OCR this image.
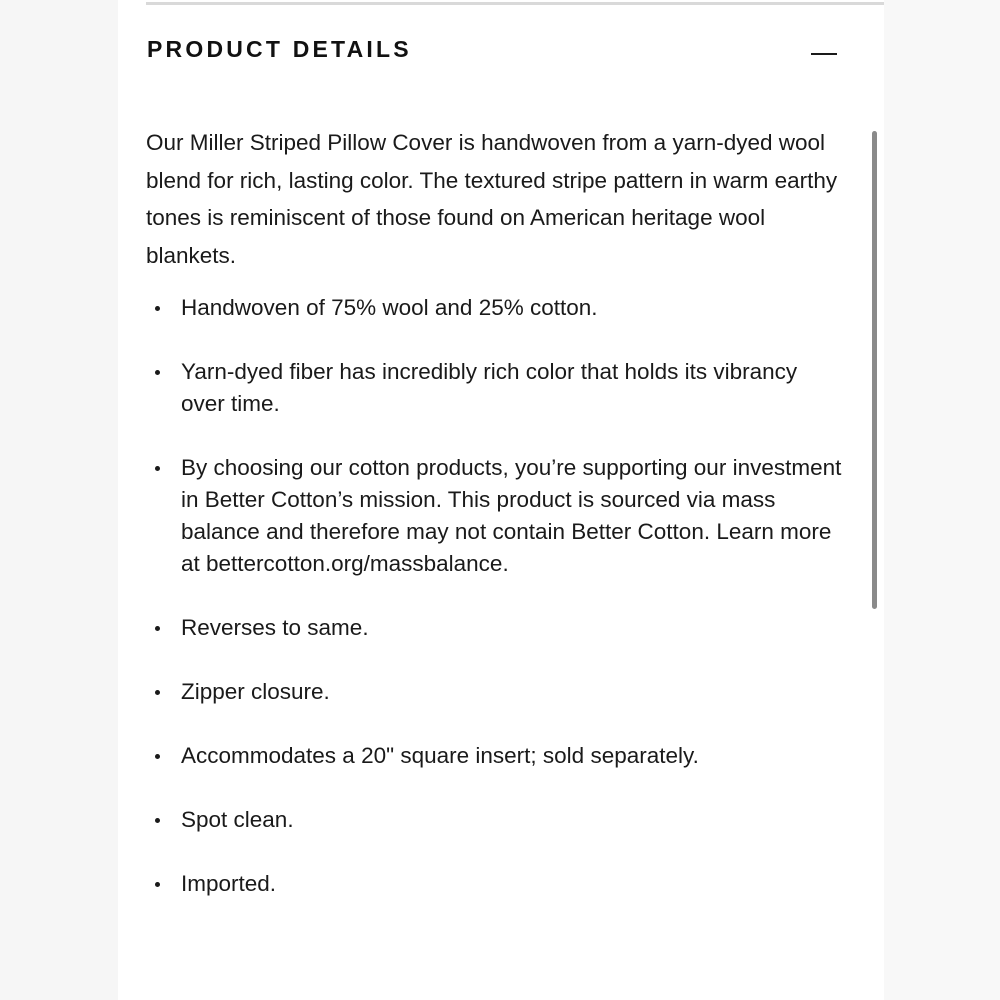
PRODUCT DETAILS

Our Miller Striped Pillow Cover is handwoven from a yarn-dyed wool blend for rich, lasting color. The textured stripe pattern in warm earthy tones is reminiscent of those found on American heritage wool blankets.

Handwoven of 75% wool and 25% cotton.
Yarn-dyed fiber has incredibly rich color that holds its vibrancy over time.
By choosing our cotton products, you’re supporting our investment in Better Cotton’s mission. This product is sourced via mass balance and therefore may not contain Better Cotton. Learn more at bettercotton.org/massbalance.
Reverses to same.
Zipper closure.
Accommodates a 20" square insert; sold separately.
Spot clean.
Imported.
